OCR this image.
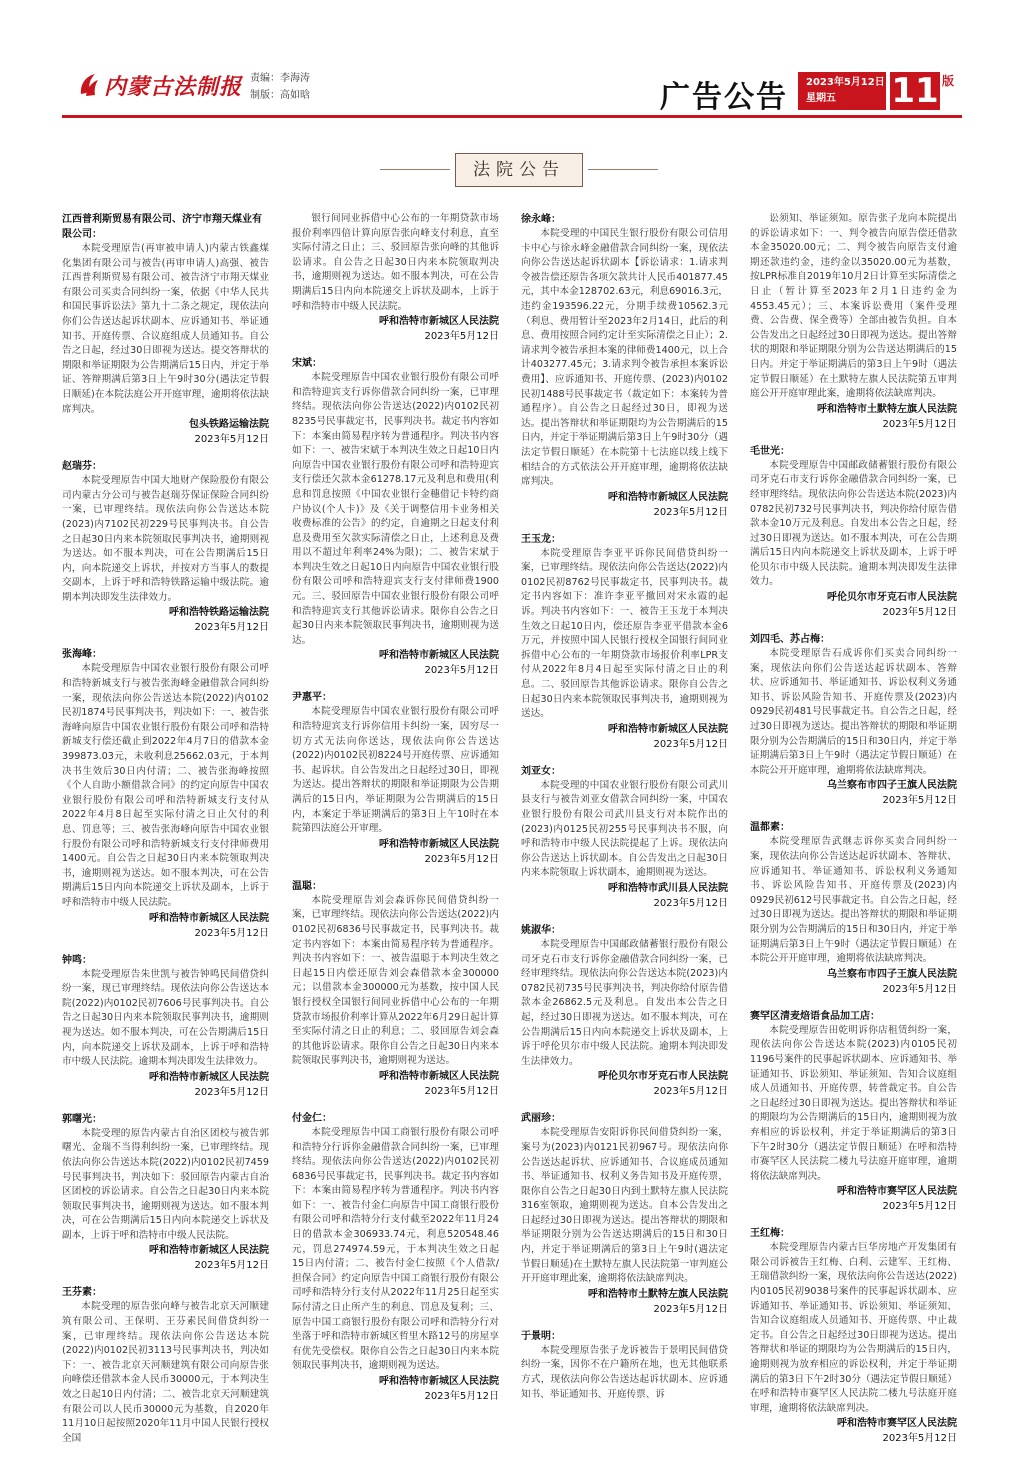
内蒙古法制报 责编：李海涛
制版：高如晗	广告公告 2023年5月12日
星期五	11 版
法院公告
江西普利斯贸易有限公司、济宁市翔天煤业有限公司：
本院受理原告(再审被申请人)内蒙古铁鑫煤化集团有限公司与被告(再审申请人)高强、被告江西普利斯贸易有限公司、被告济宁市翔天煤业有限公司买卖合同纠纷一案，依据《中华人民共和国民事诉讼法》第九十二条之规定，现依法向你们公告送达起诉状副本、应诉通知书、举证通知书、开庭传票、合议庭组成人员通知书。自公告之日起，经过30日即视为送达。提交答辩状的期限和举证期限为公告期满后15日内，并定于举证、答辩期满后第3日上午9时30分(遇法定节假日顺延)在本院法庭公开开庭审理，逾期将依法缺席判决。
包头铁路运输法院
2023年5月12日
赵瑞芬：
本院受理原告中国大地财产保险股份有限公司内蒙古分公司与被告赵瑞芬保证保险合同纠纷一案，已审理终结。现依法向你公告送达本院(2023)内7102民初229号民事判决书。自公告之日起30日内来本院领取民事判决书，逾期则视为送达。如不服本判决，可在公告期满后15日内，向本院递交上诉状，并按对方当事人的数提交副本，上诉于呼和浩特铁路运输中级法院。逾期本判决即发生法律效力。
呼和浩特铁路运输法院
2023年5月12日
张海峰：
本院受理原告中国农业银行股份有限公司呼和浩特新城支行与被告张海峰金融借款合同纠纷一案，现依法向你公告送达本院(2022)内0102民初1874号民事判决书，判决如下：一、被告张海峰向原告中国农业银行股份有限公司呼和浩特新城支行偿还截止到2022年4月7日的借款本金399873.03元，未收利息25662.03元，于本判决书生效后30日内付清；二、被告张海峰按照《个人自助小额借款合同》的约定向原告中国农业银行股份有限公司呼和浩特新城支行支付从2022年4月8日起至实际付清之日止欠付的利息、罚息等；三、被告张海峰向原告中国农业银行股份有限公司呼和浩特新城支行支付律师费用1400元。自公告之日起30日内来本院领取判决书，逾期则视为送达。如不服本判决，可在公告期满后15日内向本院递交上诉状及副本，上诉于呼和浩特市中级人民法院。
呼和浩特市新城区人民法院
2023年5月12日
钟鸣：
本院受理原告朱世凯与被告钟鸣民间借贷纠纷一案，现已审理终结。现依法向你公告送达本院(2022)内0102民初7606号民事判决书。自公告之日起30日内来本院领取民事判决书，逾期则视为送达。如不服本判决，可在公告期满后15日内，向本院递交上诉状及副本，上诉于呼和浩特市中级人民法院。逾期本判决即发生法律效力。
呼和浩特市新城区人民法院
2023年5月12日
郭曙光：
本院受理的原告内蒙古自治区团校与被告郭曙光、金瑞不当得利纠纷一案，已审理终结。现依法向你公告送达本院(2022)内0102民初7459号民事判决书，判决如下：驳回原告内蒙古自治区团校的诉讼请求。自公告之日起30日内来本院领取民事判决书，逾期则视为送达。如不服本判决，可在公告期满后15日内向本院递交上诉状及副本，上诉于呼和浩特市中级人民法院。
呼和浩特市新城区人民法院
2023年5月12日
王芬素：
本院受理的原告张向峰与被告北京天河顺建筑有限公司、王保明、王芬素民间借贷纠纷一案，已审理终结。现依法向你公告送达本院(2022)内0102民初3113号民事判决书，判决如下：一、被告北京天河顺建筑有限公司向原告张向峰偿还借款本金人民币30000元，于本判决生效之日起10日内付清；二、被告北京天河顺建筑有限公司以人民币30000元为基数，自2020年11月10日起按照2020年11月中国人民银行授权全国
银行间同业拆借中心公布的一年期贷款市场报价利率四倍计算向原告张向峰支付利息，直至实际付清之日止；三、驳回原告张向峰的其他诉讼请求。自公告之日起30日内来本院领取判决书，逾期则视为送达。如不服本判决，可在公告期满后15日内向本院递交上诉状及副本，上诉于呼和浩特市中级人民法院。
呼和浩特市新城区人民法院
2023年5月12日
宋斌：
本院受理原告中国农业银行股份有限公司呼和浩特迎宾支行诉你借款合同纠纷一案，已审理终结。现依法向你公告送达(2022)内0102民初8235号民事裁定书，民事判决书。裁定书内容如下：本案由简易程序转为普通程序。判决书内容如下：一、被告宋斌于本判决生效之日起10日内向原告中国农业银行股份有限公司呼和浩特迎宾支行偿还欠款本金61278.17元及利息和费用(利息和罚息按照《中国农业银行金穗借记卡特约商户协议(个人卡)》及《关于调整信用卡业务相关收费标准的公告》的约定，自逾期之日起支付利息及费用至欠款实际清偿之日止，上述利息及费用以不超过年利率24%为限)；二、被告宋斌于本判决生效之日起10日内向原告中国农业银行股份有限公司呼和浩特迎宾支行支付律师费1900元。三、驳回原告中国农业银行股份有限公司呼和浩特迎宾支行其他诉讼请求。限你自公告之日起30日内来本院领取民事判决书，逾期则视为送达。
呼和浩特市新城区人民法院
2023年5月12日
尹惠平：
本院受理原告中国农业银行股份有限公司呼和浩特迎宾支行诉你信用卡纠纷一案，因穷尽一切方式无法向你送达，现依法向你公告送达(2022)内0102民初8224号开庭传票、应诉通知书、起诉状。自公告发出之日起经过30日，即视为送达。提出答辩状的期限和举证期限为公告期满后的15日内，举证期限为公告期满后的15日内，本案定于举证期满后的第3日上午10时在本院第四法庭公开审理。
呼和浩特市新城区人民法院
2023年5月12日
温聪：
本院受理原告刘会森诉你民间借贷纠纷一案，已审理终结。现依法向你公告送达(2022)内0102民初6836号民事裁定书，民事判决书。裁定书内容如下：本案由简易程序转为普通程序。判决书内容如下：一、被告温聪于本判决生效之日起15日内偿还原告刘会森借款本金300000元；以借款本金300000元为基数，按中国人民银行授权全国银行间同业拆借中心公布的一年期贷款市场报价利率计算从2022年6月29日起计算至实际付清之日止的利息；二、驳回原告刘会森的其他诉讼请求。限你自公告之日起30日内来本院领取民事判决书，逾期则视为送达。
呼和浩特市新城区人民法院
2023年5月12日
付金仁：
本院受理原告中国工商银行股份有限公司呼和浩特分行诉你金融借款合同纠纷一案，已审理终结。现依法向你公告送达(2022)内0102民初6836号民事裁定书，民事判决书。裁定书内容如下：本案由简易程序转为普通程序。判决书内容如下：一、被告付金仁向原告中国工商银行股份有限公司呼和浩特分行支付截至2022年11月24日的借款本金306933.74元，利息520548.46元，罚息274974.59元，于本判决生效之日起15日内付清；二、被告付金仁按照《个人借款/担保合同》约定向原告中国工商银行股份有限公司呼和浩特分行支付从2022年11月25日起至实际付清之日止所产生的利息、罚息及复利；三、原告中国工商银行股份有限公司呼和浩特分行对坐落于呼和浩特市新城区哲里木路12号的房屋享有优先受偿权。限你自公告之日起30日内来本院领取民事判决书，逾期则视为送达。
呼和浩特市新城区人民法院
2023年5月12日
徐永峰：
本院受理的中国民生银行股份有限公司信用卡中心与徐永峰金融借款合同纠纷一案，现依法向你公告送达起诉状副本【诉讼请求：1.请求判令被告偿还原告各项欠款共计人民币401877.45元，其中本金128702.63元，利息69016.3元，违约金193596.22元，分期手续费10562.3元（利息、费用暂计至2023年2月14日，此后的利息、费用按照合同约定计至实际清偿之日止）；2.请求判令被告承担本案的律师费1400元，以上合计403277.45元；3.请求判令被告承担本案诉讼费用】、应诉通知书、开庭传票、(2023)内0102民初1488号民事裁定书（裁定如下：本案转为普通程序）。自公告之日起经过30日，即视为送达。提出答辩状和举证期限均为公告期满后的15日内，并定于举证期满后第3日上午9时30分（遇法定节假日顺延）在本院第十七法庭以线上线下相结合的方式依法公开开庭审理，逾期将依法缺席判决。
呼和浩特市新城区人民法院
2023年5月12日
王玉龙：
本院受理原告李亚平诉你民间借贷纠纷一案，已审理终结。现依法向你公告送达(2022)内0102民初8762号民事裁定书，民事判决书。裁定书内容如下：准许李亚平撤回对宋永霞的起诉。判决书内容如下：一、被告王玉龙于本判决生效之日起10日内，偿还原告李亚平借款本金6万元，并按照中国人民银行授权全国银行间同业拆借中心公布的一年期贷款市场报价利率LPR支付从2022年8月4日起至实际付清之日止的利息。二、驳回原告其他诉讼请求。限你自公告之日起30日内来本院领取民事判决书，逾期则视为送达。
呼和浩特市新城区人民法院
2023年5月12日
刘亚女：
本院受理的中国农业银行股份有限公司武川县支行与被告刘亚女借款合同纠纷一案，中国农业银行股份有限公司武川县支行对本院作出的(2023)内0125民初255号民事判决书不服，向呼和浩特市中级人民法院提起了上诉。现依法向你公告送达上诉状副本。自公告发出之日起30日内来本院领取上诉状副本，逾期则视为送达。
呼和浩特市武川县人民法院
2023年5月12日
姚淑华：
本院受理原告中国邮政储蓄银行股份有限公司牙克石市支行诉你金融借款合同纠纷一案，已经审理终结。现依法向你公告送达本院(2023)内0782民初735号民事判决书，判决你给付原告借款本金26862.5元及利息。自发出本公告之日起，经过30日即视为送达。如不服本判决，可在公告期满后15日内向本院递交上诉状及副本，上诉于呼伦贝尔市中级人民法院。逾期本判决即发生法律效力。
呼伦贝尔市牙克石市人民法院
2023年5月12日
武丽珍：
本院受理原告安阳诉你民间借贷纠纷一案，案号为(2023)内0121民初967号。现依法向你公告送达起诉状、应诉通知书、合议庭成员通知书、举证通知书、权利义务告知书及开庭传票，限你自公告之日起30日内到土默特左旗人民法院316室领取，逾期则视为送达。自本公告发出之日起经过30日即视为送达。提出答辩状的期限和举证期限分别为公告送达期满后的15日和30日内，并定于举证期满后的第3日上午9时(遇法定节假日顺延)在土默特左旗人民法院第一审判庭公开开庭审理此案，逾期将依法缺席判决。
呼和浩特市土默特左旗人民法院
2023年5月12日
于景明：
本院受理原告张子龙诉被告于景明民间借贷纠纷一案，因你不在户籍所在地，也无其他联系方式，现依法向你公告送达起诉状副本、应诉通知书、举证通知书、开庭传票、诉
讼须知、举证须知。原告张子龙向本院提出的诉讼请求如下：一、判令被告向原告偿还借款本金35020.00元；二、判令被告向原告支付逾期还款违约金，违约金以35020.00元为基数，按LPR标准自2019年10月2日计算至实际清偿之日止（暂计算至2023年2月1日违约金为4553.45元）；三、本案诉讼费用（案件受理费、公告费、保全费等）全部由被告负担。自本公告发出之日起经过30日即视为送达。提出答辩状的期限和举证期限分别为公告送达期满后的15日内。并定于举证期满后的第3日上午9时（遇法定节假日顺延）在土默特左旗人民法院第五审判庭公开开庭审理此案，逾期将依法缺席判决。
呼和浩特市土默特左旗人民法院
2023年5月12日
毛世光：
本院受理原告中国邮政储蓄银行股份有限公司牙克石市支行诉你金融借款合同纠纷一案，已经审理终结。现依法向你公告送达本院(2023)内0782民初732号民事判决书，判决你给付原告借款本金10万元及利息。自发出本公告之日起，经过30日即视为送达。如不服本判决，可在公告期满后15日内向本院递交上诉状及副本，上诉于呼伦贝尔市中级人民法院。逾期本判决即发生法律效力。
呼伦贝尔市牙克石市人民法院
2023年5月12日
刘四毛、苏占梅：
本院受理原告石成诉你们买卖合同纠纷一案，现依法向你们公告送达起诉状副本、答辩状、应诉通知书、举证通知书、诉讼权利义务通知书、诉讼风险告知书、开庭传票及(2023)内0929民初481号民事裁定书。自公告之日起，经过30日即视为送达。提出答辩状的期限和举证期限分别为公告期满后的15日和30日内，并定于举证期满后第3日上午9时（遇法定节假日顺延）在本院公开开庭审理，逾期将依法缺席判决。
乌兰察布市四子王旗人民法院
2023年5月12日
温都素：
本院受理原告武继志诉你买卖合同纠纷一案，现依法向你公告送达起诉状副本、答辩状、应诉通知书、举证通知书、诉讼权利义务通知书、诉讼风险告知书、开庭传票及(2023)内0929民初612号民事裁定书。自公告之日起，经过30日即视为送达。提出答辩状的期限和举证期限分别为公告期满后的15日和30日内，并定于举证期满后第3日上午9时（遇法定节假日顺延）在本院公开开庭审理，逾期将依法缺席判决。
乌兰察布市四子王旗人民法院
2023年5月12日
赛罕区清麦焙语食品加工店：
本院受理原告田乾明诉你店租赁纠纷一案，现依法向你公告送达本院(2023)内0105民初1196号案件的民事起诉状副本、应诉通知书、举证通知书、诉讼须知、举证须知、告知合议庭组成人员通知书、开庭传票，转普裁定书。自公告之日起经过30日即视为送达。提出答辩状和举证的期限均为公告期满后的15日内，逾期则视为放弃相应的诉讼权利，并定于举证期满后的第3日下午2时30分（遇法定节假日顺延）在呼和浩特市赛罕区人民法院二楼九号法庭开庭审理，逾期将依法缺席判决。
呼和浩特市赛罕区人民法院
2023年5月12日
王红梅：
本院受理原告内蒙古巨华房地产开发集团有限公司诉被告王红梅、白利、云建军、王红梅、王瑞借款纠纷一案，现依法向你公告送达(2022)内0105民初9038号案件的民事起诉状副本、应诉通知书、举证通知书、诉讼须知、举证须知、告知合议庭组成人员通知书、开庭传票、中止裁定书。自公告之日起经过30日即视为送达。提出答辩状和举证的期限均为公告期满后的15日内，逾期则视为放弃相应的诉讼权利，并定于举证期满后的第3日下午2时30分（遇法定节假日顺延）在呼和浩特市赛罕区人民法院二楼九号法庭开庭审理，逾期将依法缺席判决。
呼和浩特市赛罕区人民法院
2023年5月12日
